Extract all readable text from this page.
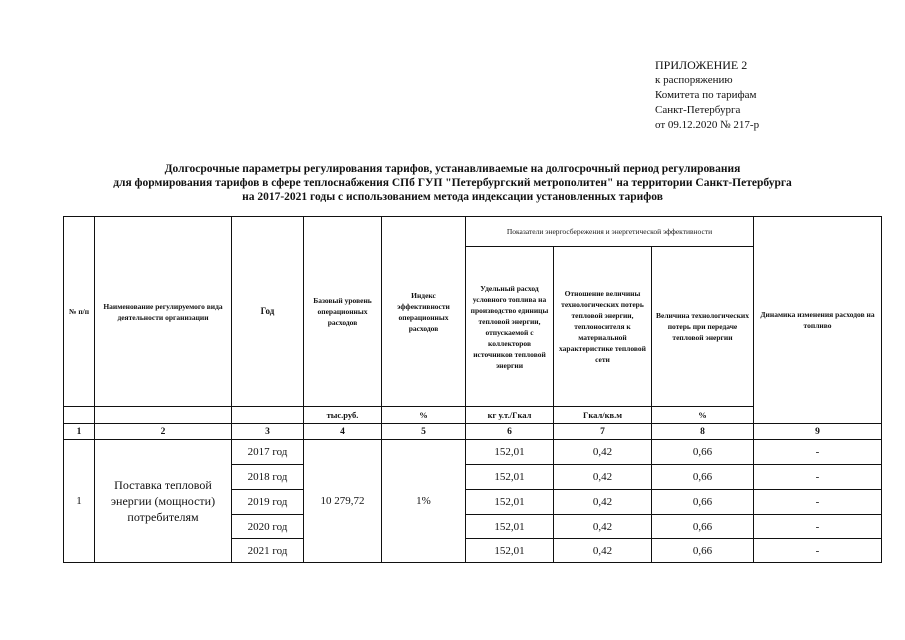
ПРИЛОЖЕНИЕ 2
к распоряжению
Комитета по тарифам
Санкт-Петербурга
от 09.12.2020 № 217-р
Долгосрочные параметры регулирования тарифов, устанавливаемые на долгосрочный период регулирования
для формирования тарифов в сфере теплоснабжения СПб ГУП "Петербургский метрополитен" на территории Санкт-Петербурга
на 2017-2021 годы с использованием метода индексации установленных тарифов
№ п/п	Наименование регулируемого вида деятельности организации	Год	Базовый уровень операционных расходов	Индекс эффективности операционных расходов	Показатели энергосбережения и энергетической эффективности			Динамика изменения расходов на топливо
					Удельный расход условного топлива на производство единицы тепловой энергии, отпускаемой с коллекторов источников тепловой энергии	Отношение величины технологических потерь тепловой энергии, теплоносителя к материальной характеристике тепловой сети	Величина технологических потерь при передаче тепловой энергии	
			тыс.руб.	%	кг у.т./Гкал	Гкал/кв.м	%	
1	2	3	4	5	6	7	8	9
1	Поставка тепловой энергии (мощности) потребителям	2017 год	10 279,72	1%	152,01	0,42	0,66	-
		2018 год			152,01	0,42	0,66	-
		2019 год			152,01	0,42	0,66	-
		2020 год			152,01	0,42	0,66	-
		2021 год			152,01	0,42	0,66	-
